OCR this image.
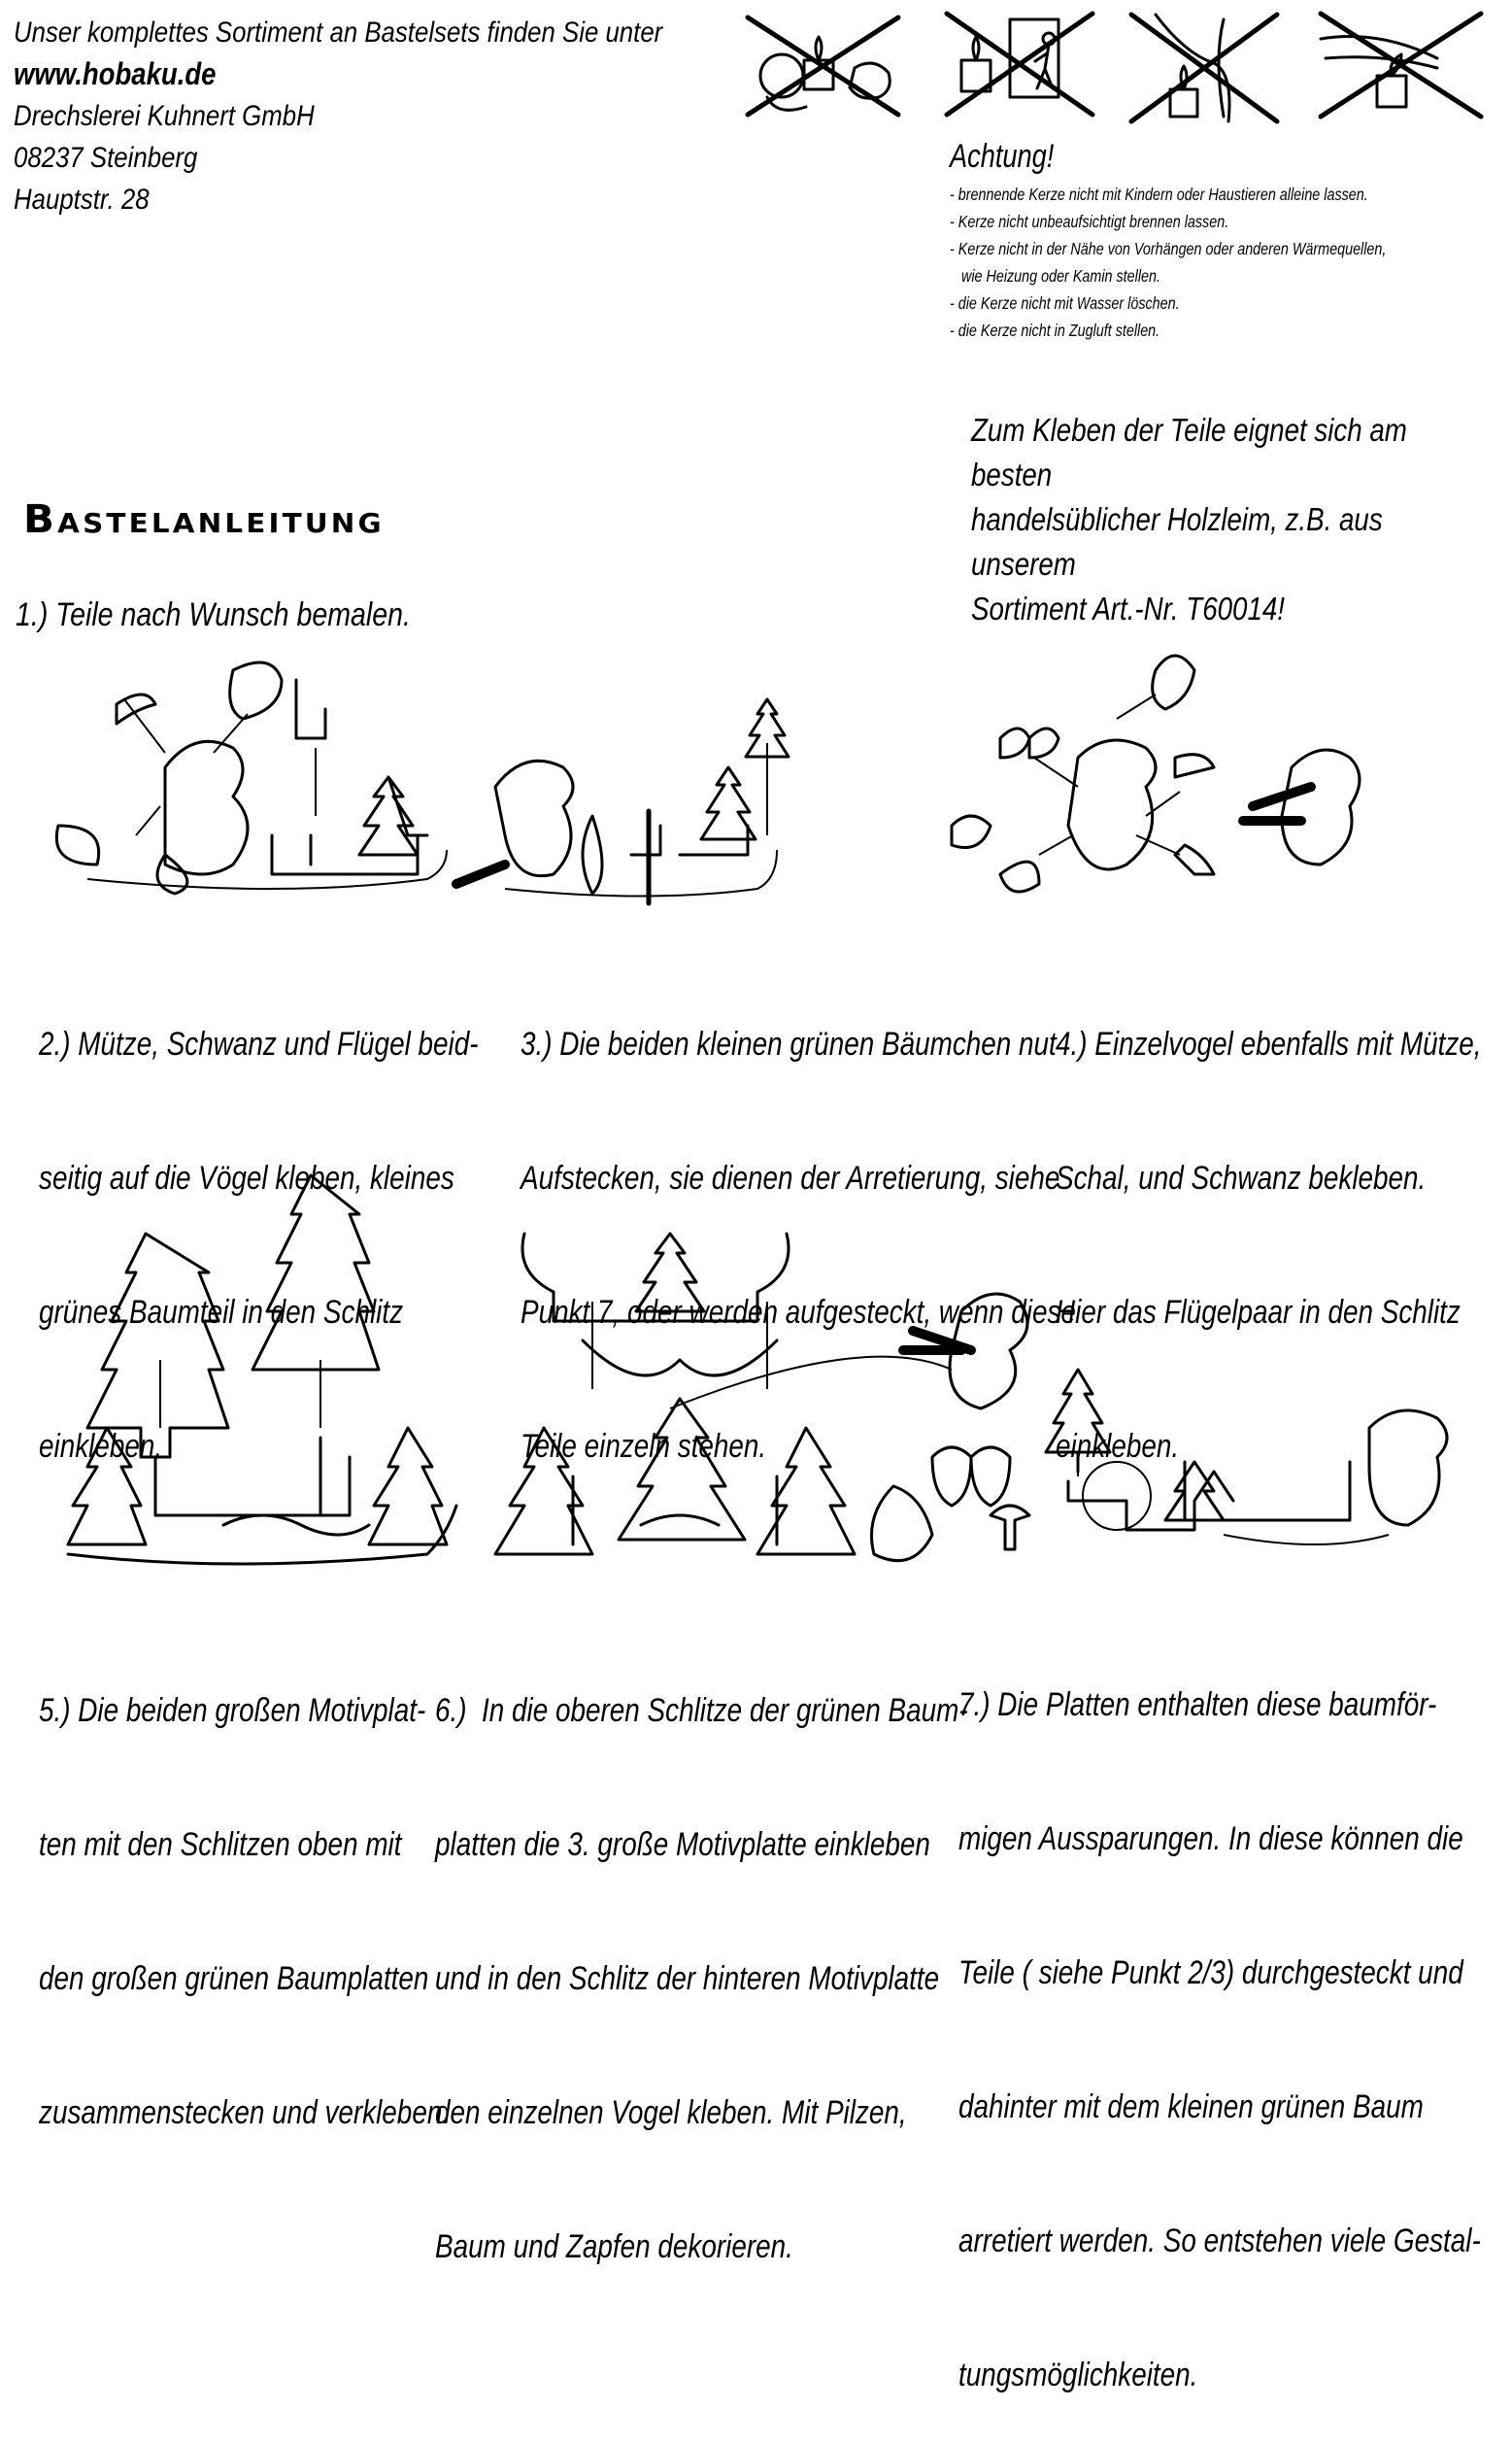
Unser komplettes Sortiment an Bastelsets finden Sie unter
www.hobaku.de
Drechslerei Kuhnert GmbH
08237 Steinberg
Hauptstr. 28
Achtung!
- brennende Kerze nicht mit Kindern oder Haustieren alleine lassen.
- Kerze nicht unbeaufsichtigt brennen lassen.
- Kerze nicht in der Nähe von Vorhängen oder anderen Wärmequellen,
wie Heizung oder Kamin stellen.
- die Kerze nicht mit Wasser löschen.
- die Kerze nicht in Zugluft stellen.
Zum Kleben der Teile eignet sich am besten
handelsüblicher Holzleim, z.B. aus unserem
Sortiment Art.-Nr. T60014!
Bastelanleitung
1.) Teile nach Wunsch bemalen.

2.) Mütze, Schwanz und Flügel beid-

seitig auf die Vögel kleben, kleines

grünes Baumteil in den Schlitz

einkleben.

3.) Die beiden kleinen grünen Bäumchen nut

Aufstecken, sie dienen der Arretierung, siehe

Punkt 7, oder werden aufgesteckt, wenn diese

Teile einzeln stehen.

4.) Einzelvogel ebenfalls mit Mütze,

Schal, und Schwanz bekleben.

Hier das Flügelpaar in den Schlitz

einkleben.

5.) Die beiden großen Motivplat-

ten mit den Schlitzen oben mit

den großen grünen Baumplatten

zusammenstecken und verkleben.

6.)  In die oberen Schlitze der grünen Baum-

platten die 3. große Motivplatte einkleben

und in den Schlitz der hinteren Motivplatte

den einzelnen Vogel kleben. Mit Pilzen,

Baum und Zapfen dekorieren.

7.) Die Platten enthalten diese baumför-

migen Aussparungen. In diese können die

Teile ( siehe Punkt 2/3) durchgesteckt und

dahinter mit dem kleinen grünen Baum

arretiert werden. So entstehen viele Gestal-

tungsmöglichkeiten.
